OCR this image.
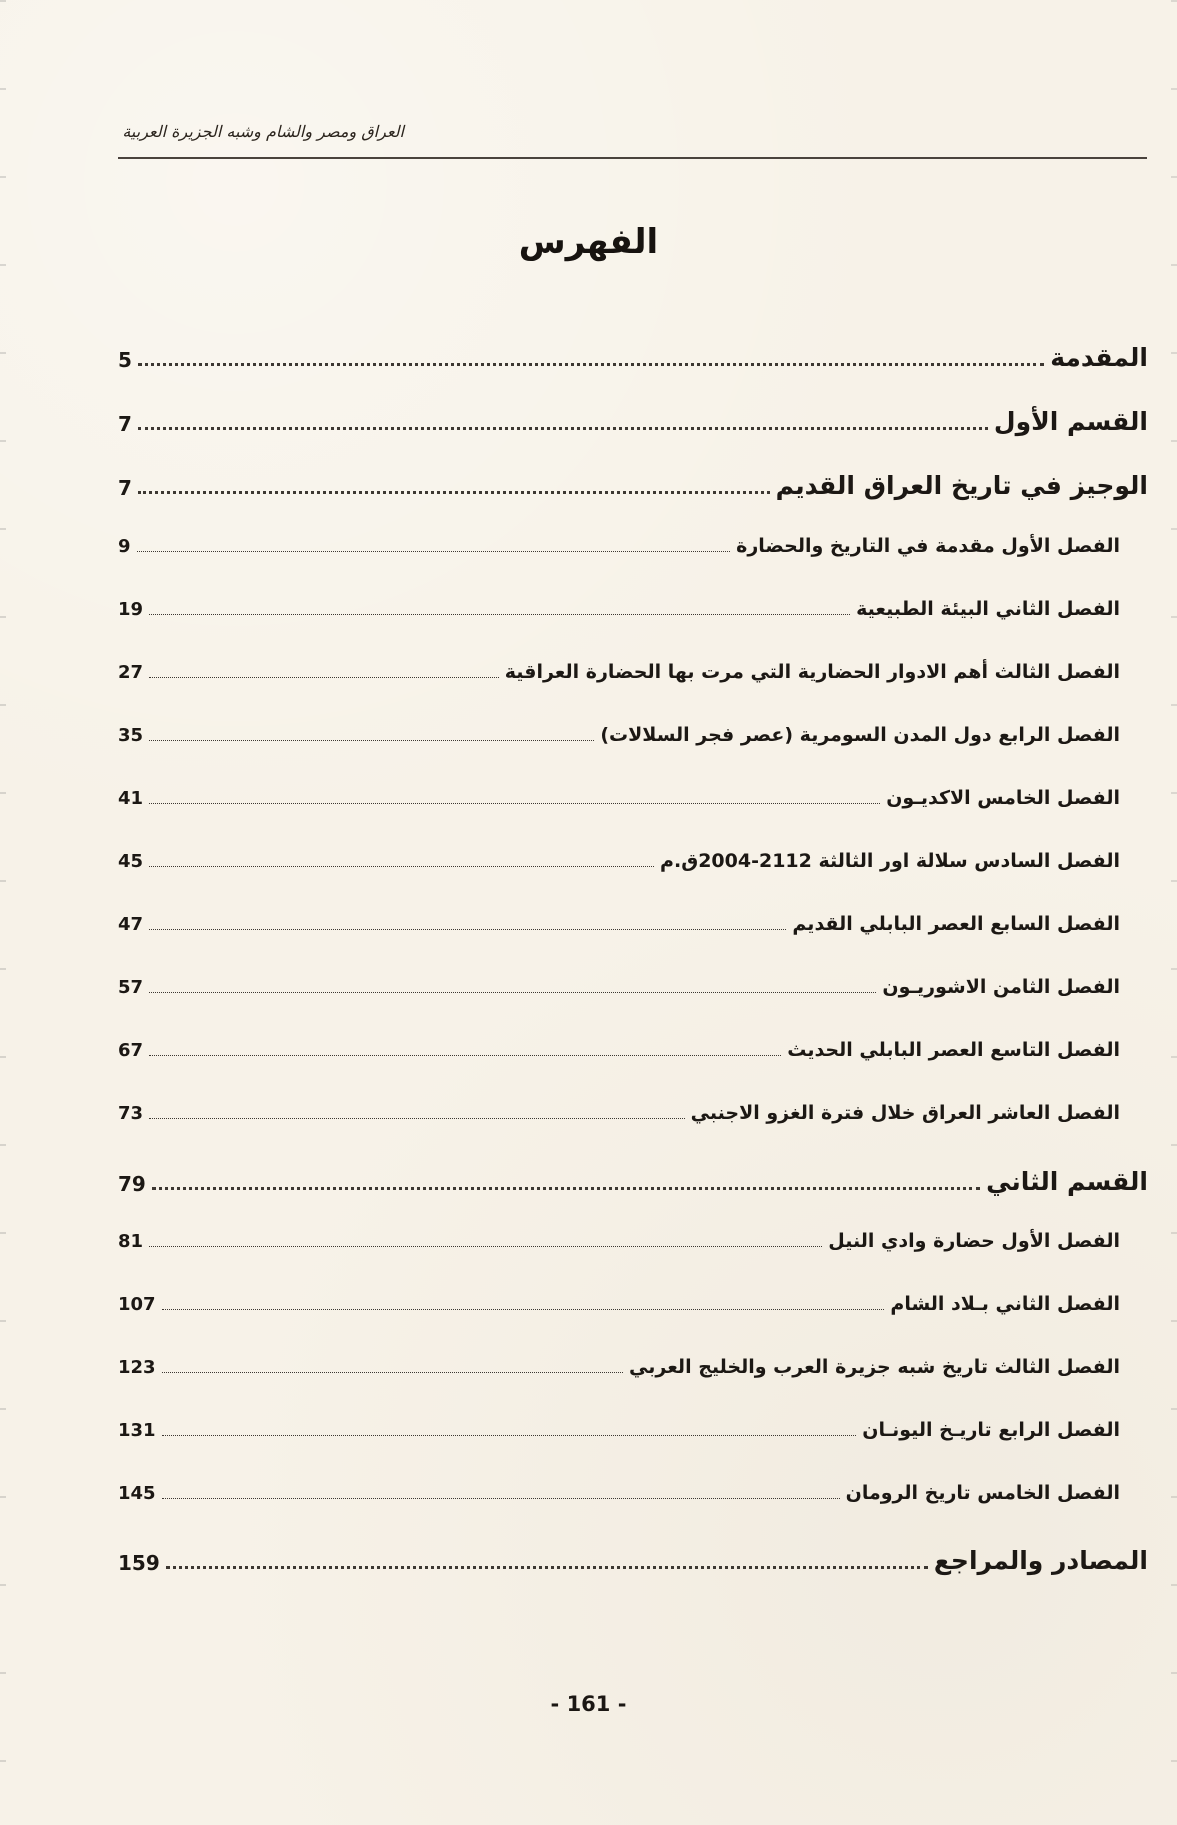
العراق ومصر والشام وشبه الجزيرة العربية
الفهرس
المقدمة
5
القسم الأول
7
الوجيز في تاريخ العراق القديم
7
الفصل الأول مقدمة في التاريخ والحضارة
9
الفصل الثاني البيئة الطبيعية
19
الفصل الثالث أهم الادوار الحضارية التي مرت بها الحضارة العراقية
27
الفصل الرابع دول المدن السومرية (عصر فجر السلالات)
35
الفصل الخامس الاكديـون
41
الفصل السادس سلالة اور الثالثة 2112-2004ق.م
45
الفصل السابع العصر البابلي القديم
47
الفصل الثامن الاشوريـون
57
الفصل التاسع العصر البابلي الحديث
67
الفصل العاشر العراق خلال فترة الغزو الاجنبي
73
القسم الثاني
79
الفصل الأول حضارة وادي النيل
81
الفصل الثاني بـلاد الشام
107
الفصل الثالث تاريخ شبه جزيرة العرب والخليج العربي
123
الفصل الرابع تاريـخ اليونـان
131
الفصل الخامس تاريخ الرومان
145
المصادر والمراجع
159
- 161 -
